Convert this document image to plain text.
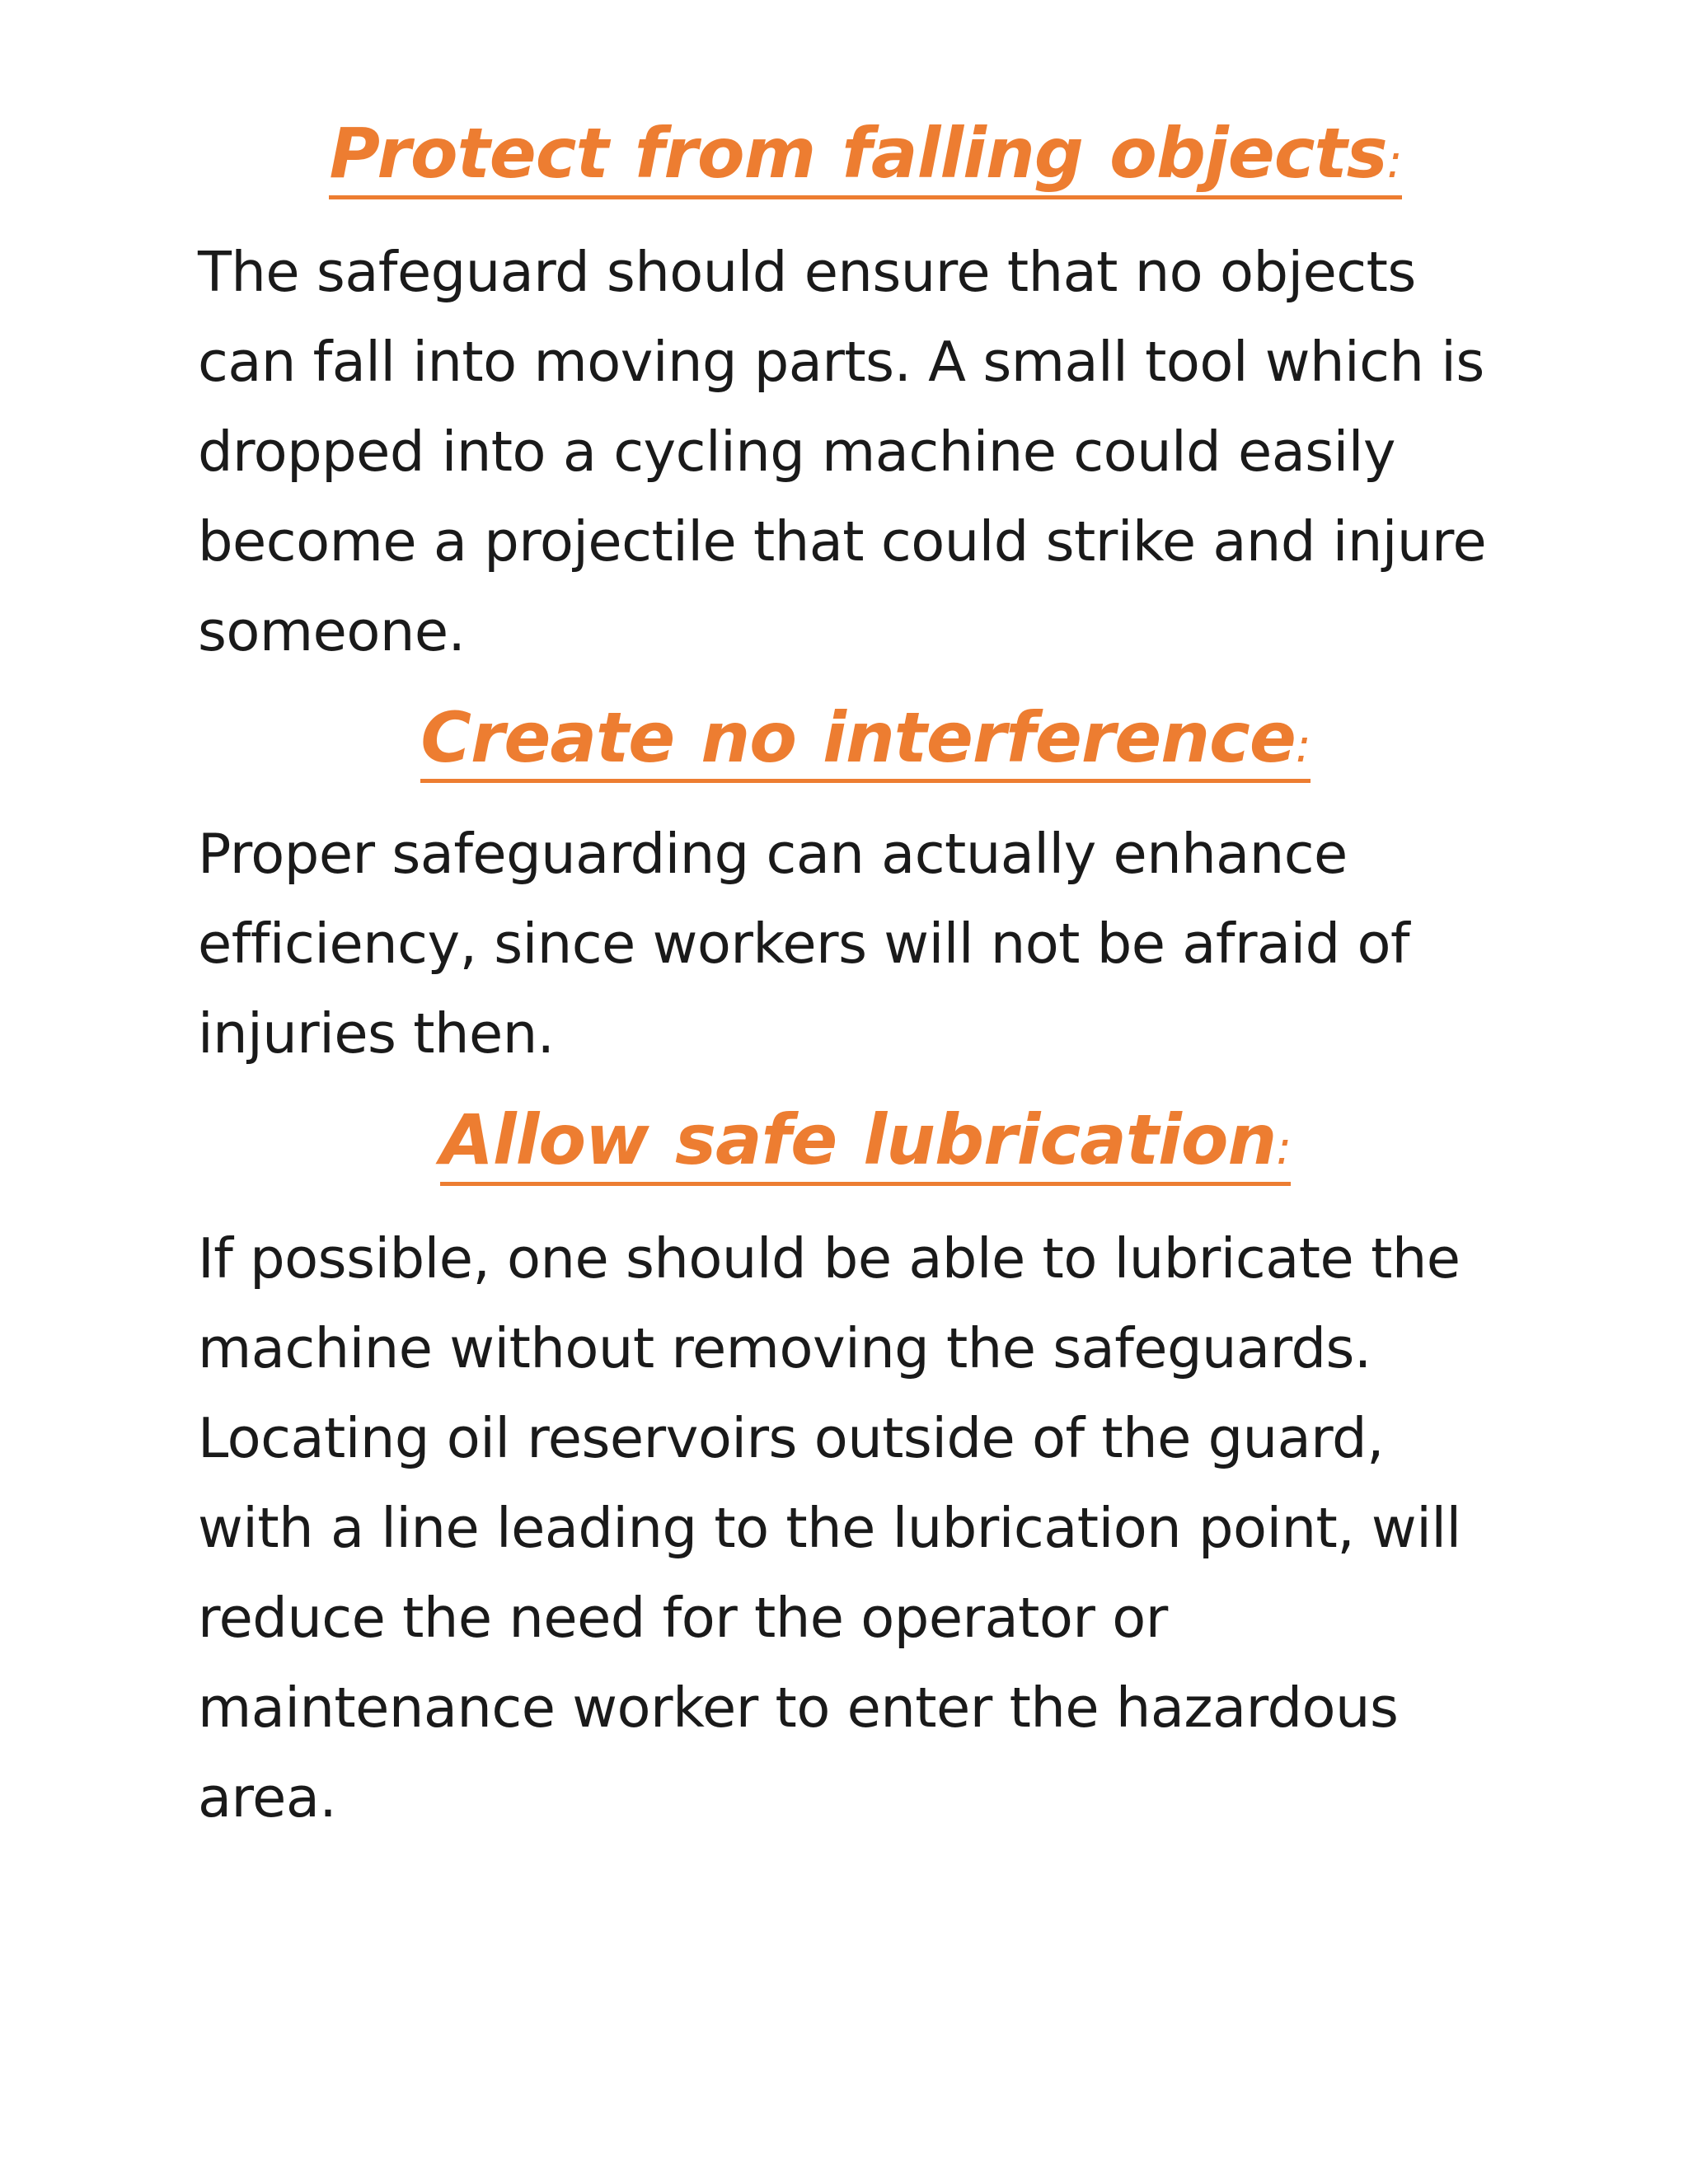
Protect from falling objects:

The safeguard should ensure that no objects
can fall into moving parts. A small tool which is
dropped into a cycling machine could easily
become a projectile that could strike and injure
someone.

Create no interference:

Proper safeguarding can actually enhance
efficiency, since workers will not be afraid of
injuries then.

Allow safe lubrication:

If possible, one should be able to lubricate the
machine without removing the safeguards.
Locating oil reservoirs outside of the guard,
with a line leading to the lubrication point, will
reduce the need for the operator or
maintenance worker to enter the hazardous
area.
